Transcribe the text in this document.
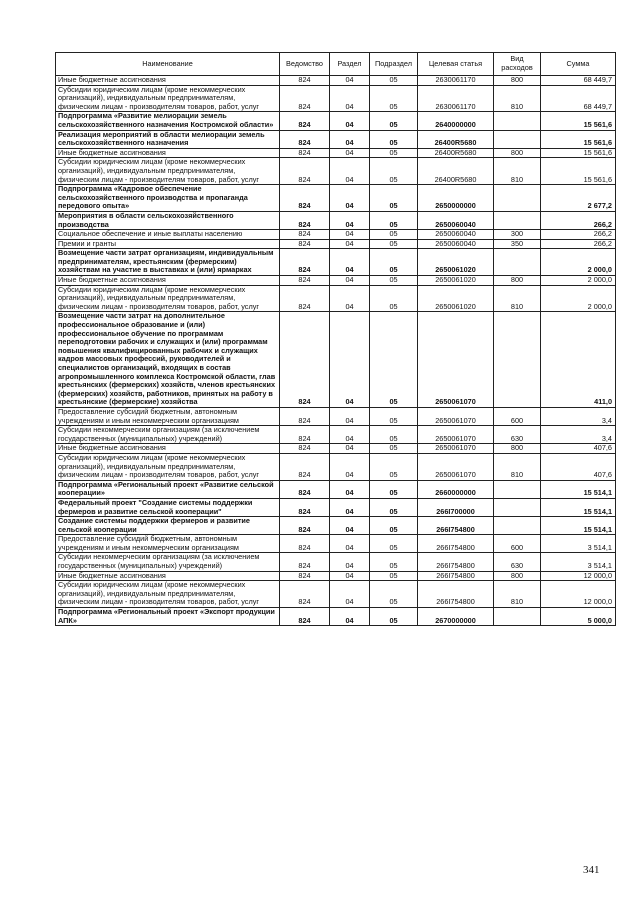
Наименование	Ведомство	Раздел	Подраздел	Целевая статья	Вид расходов	Сумма
Иные бюджетные ассигнования	824	04	05	2630061170	800	68 449,7
Субсидии юридическим лицам (кроме некоммерческих организаций), индивидуальным предпринимателям, физическим лицам - производителям товаров, работ, услуг	824	04	05	2630061170	810	68 449,7
Подпрограмма «Развитие мелиорации земель сельскохозяйственного назначения Костромской области»	824	04	05	2640000000		15 561,6
Реализация мероприятий в области мелиорации земель сельскохозяйственного назначения	824	04	05	26400R5680		15 561,6
Иные бюджетные ассигнования	824	04	05	26400R5680	800	15 561,6
Субсидии юридическим лицам (кроме некоммерческих организаций), индивидуальным предпринимателям, физическим лицам - производителям товаров, работ, услуг	824	04	05	26400R5680	810	15 561,6
Подпрограмма «Кадровое обеспечение сельскохозяйственного производства и пропаганда передового опыта»	824	04	05	2650000000		2 677,2
Мероприятия в области сельскохозяйственного производства	824	04	05	2650060040		266,2
Социальное обеспечение и иные выплаты населению	824	04	05	2650060040	300	266,2
Премии и гранты	824	04	05	2650060040	350	266,2
Возмещение части затрат организациям, индивидуальным предпринимателям, крестьянским (фермерским) хозяйствам на участие в выставках и (или) ярмарках	824	04	05	2650061020		2 000,0
Иные бюджетные ассигнования	824	04	05	2650061020	800	2 000,0
Субсидии юридическим лицам (кроме некоммерческих организаций), индивидуальным предпринимателям, физическим лицам - производителям товаров, работ, услуг	824	04	05	2650061020	810	2 000,0
Возмещение части затрат на дополнительное профессиональное образование и (или) профессиональное обучение по программам переподготовки рабочих и служащих и (или) программам повышения квалифицированных рабочих и служащих кадров массовых профессий, руководителей и специалистов организаций, входящих в состав агропромышленного комплекса Костромской области, глав крестьянских (фермерских) хозяйств, членов крестьянских (фермерских) хозяйств, работников, принятых на работу в крестьянские (фермерские) хозяйства	824	04	05	2650061070		411,0
Предоставление субсидий бюджетным, автономным учреждениям и иным некоммерческим организациям	824	04	05	2650061070	600	3,4
Субсидии некоммерческим организациям (за исключением государственных (муниципальных) учреждений)	824	04	05	2650061070	630	3,4
Иные бюджетные ассигнования	824	04	05	2650061070	800	407,6
Субсидии юридическим лицам (кроме некоммерческих организаций), индивидуальным предпринимателям, физическим лицам - производителям товаров, работ, услуг	824	04	05	2650061070	810	407,6
Подпрограмма «Региональный проект «Развитие сельской кооперации»	824	04	05	2660000000		15 514,1
Федеральный проект "Создание системы поддержки фермеров и развитие сельской кооперации"	824	04	05	266I700000		15 514,1
Создание системы поддержки фермеров и развитие сельской кооперации	824	04	05	266I754800		15 514,1
Предоставление субсидий бюджетным, автономным учреждениям и иным некоммерческим организациям	824	04	05	266I754800	600	3 514,1
Субсидии некоммерческим организациям (за исключением государственных (муниципальных) учреждений)	824	04	05	266I754800	630	3 514,1
Иные бюджетные ассигнования	824	04	05	266I754800	800	12 000,0
Субсидии юридическим лицам (кроме некоммерческих организаций), индивидуальным предпринимателям, физическим лицам - производителям товаров, работ, услуг	824	04	05	266I754800	810	12 000,0
Подпрограмма «Региональный проект «Экспорт продукции АПК»	824	04	05	2670000000		5 000,0
341
